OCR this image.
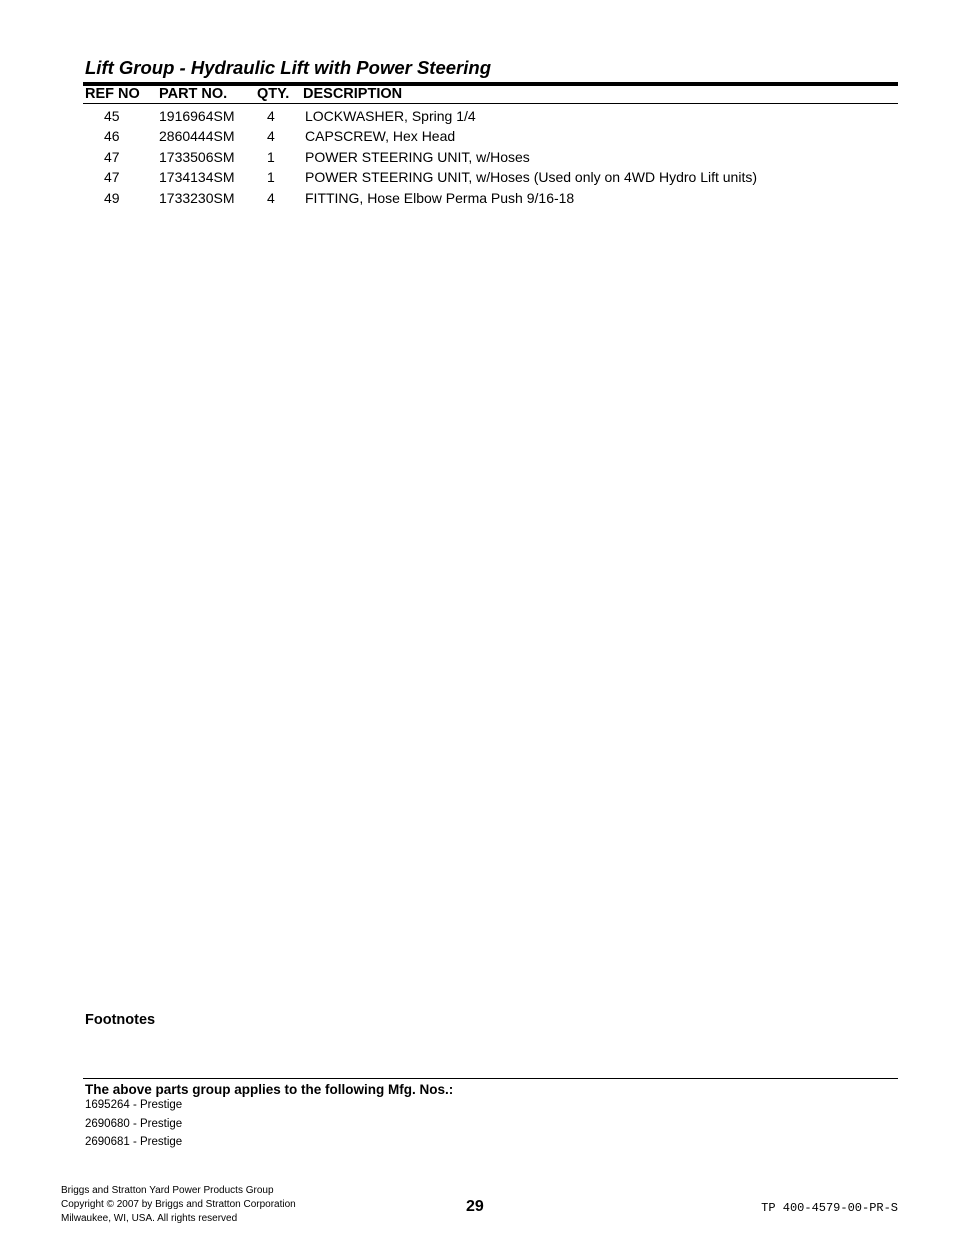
Lift Group - Hydraulic Lift with Power Steering
REF NO PART NO. QTY. DESCRIPTION
45	1916964SM 4 LOCKWASHER, Spring 1/4
46	2860444SM 4 CAPSCREW, Hex Head
47	1733506SM 1 POWER STEERING UNIT, w/Hoses
47	1734134SM 1 POWER STEERING UNIT, w/Hoses (Used only on 4WD Hydro Lift units)
49	1733230SM 4 FITTING, Hose Elbow Perma Push 9/16-18
Footnotes
The above parts group applies to the following Mfg. Nos.:
1695264 - Prestige
2690680 - Prestige
2690681 - Prestige
Briggs and Stratton Yard Power Products Group
Copyright © 2007 by Briggs and Stratton Corporation
Milwaukee, WI, USA. All rights reserved
29	TP 400-4579-00-PR-S
